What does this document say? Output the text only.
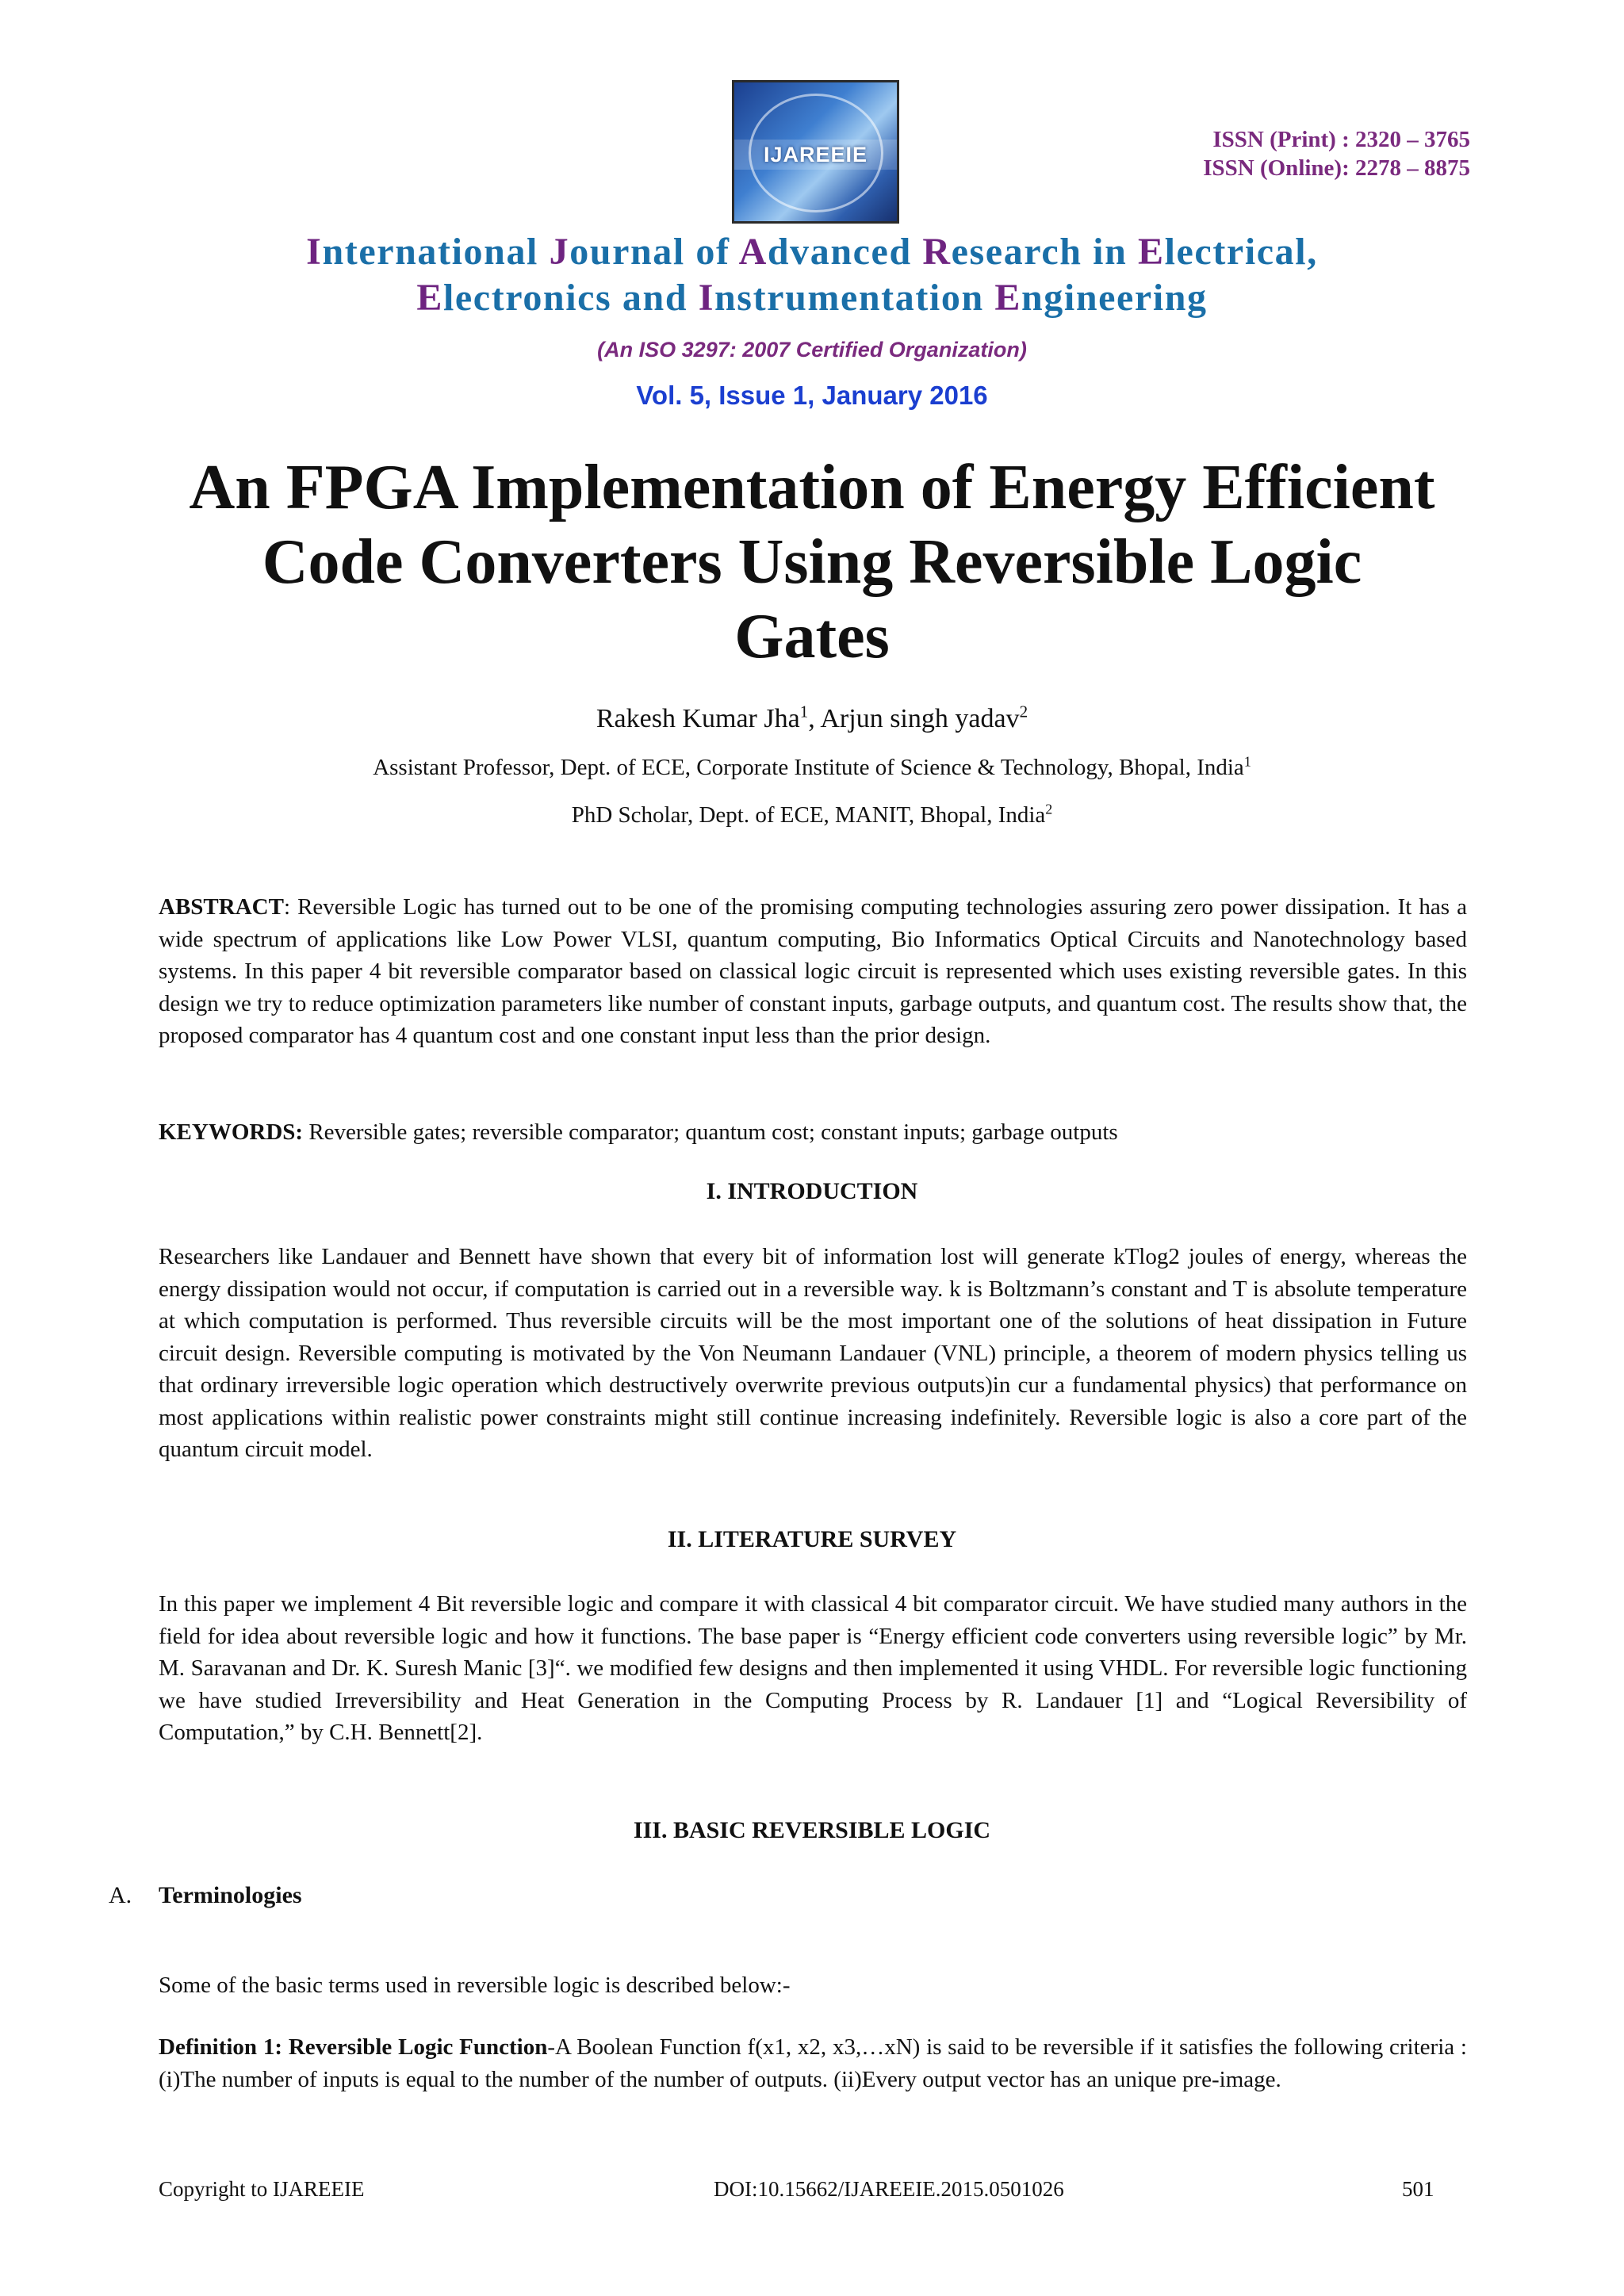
IJAREEIE
ISSN (Print) : 2320 – 3765
ISSN (Online): 2278 – 8875
International Journal of Advanced Research in Electrical,
Electronics and Instrumentation Engineering
(An ISO 3297: 2007 Certified Organization)
Vol. 5, Issue 1, January 2016
An FPGA Implementation of Energy Efficient
Code Converters Using Reversible Logic
Gates
Rakesh Kumar Jha$^1$, Arjun singh yadav$^2$
Assistant Professor, Dept. of ECE, Corporate Institute of Science & Technology, Bhopal, India$^1$
PhD Scholar, Dept. of ECE, MANIT, Bhopal, India$^2$
ABSTRACT: Reversible Logic has turned out to be one of the promising computing technologies assuring zero power dissipation. It has a wide spectrum of applications like Low Power VLSI, quantum computing, Bio Informatics Optical Circuits and Nanotechnology based systems. In this paper 4 bit reversible comparator based on classical logic circuit is represented which uses existing reversible gates. In this design we try to reduce optimization parameters like number of constant inputs, garbage outputs, and quantum cost. The results show that, the proposed comparator has 4 quantum cost and one constant input less than the prior design.
KEYWORDS: Reversible gates; reversible comparator; quantum cost; constant inputs; garbage outputs
I. INTRODUCTION
Researchers like Landauer and Bennett have shown that every bit of information lost will generate kTlog2 joules of energy, whereas the energy dissipation would not occur, if computation is carried out in a reversible way. k is Boltzmann’s constant and T is absolute temperature at which computation is performed. Thus reversible circuits will be the most important one of the solutions of heat dissipation in Future circuit design. Reversible computing is motivated by the Von Neumann Landauer (VNL) principle, a theorem of modern physics telling us that ordinary irreversible logic operation which destructively overwrite previous outputs)in cur a fundamental physics) that performance on most applications within realistic power constraints might still continue increasing indefinitely. Reversible logic is also a core part of the quantum circuit model.
II. LITERATURE SURVEY
In this paper we implement 4 Bit reversible logic and compare it with classical 4 bit comparator circuit. We have studied many authors in the field for idea about reversible logic and how it functions. The base paper is “Energy efficient code converters using reversible logic” by Mr. M. Saravanan and Dr. K. Suresh Manic [3]“. we modified few designs and then implemented it using VHDL. For reversible logic functioning we have studied Irreversibility and Heat Generation in the Computing Process by R. Landauer [1] and “Logical Reversibility of Computation,” by C.H. Bennett[2].
III. BASIC REVERSIBLE LOGIC
A. Terminologies
Some of the basic terms used in reversible logic is described below:-
Definition 1: Reversible Logic Function-A Boolean Function f(x1, x2, x3,…xN) is said to be reversible if it satisfies the following criteria : (i)The number of inputs is equal to the number of the number of outputs. (ii)Every output vector has an unique pre-image.
Copyright to IJAREEIE	DOI:10.15662/IJAREEIE.2015.0501026	501
